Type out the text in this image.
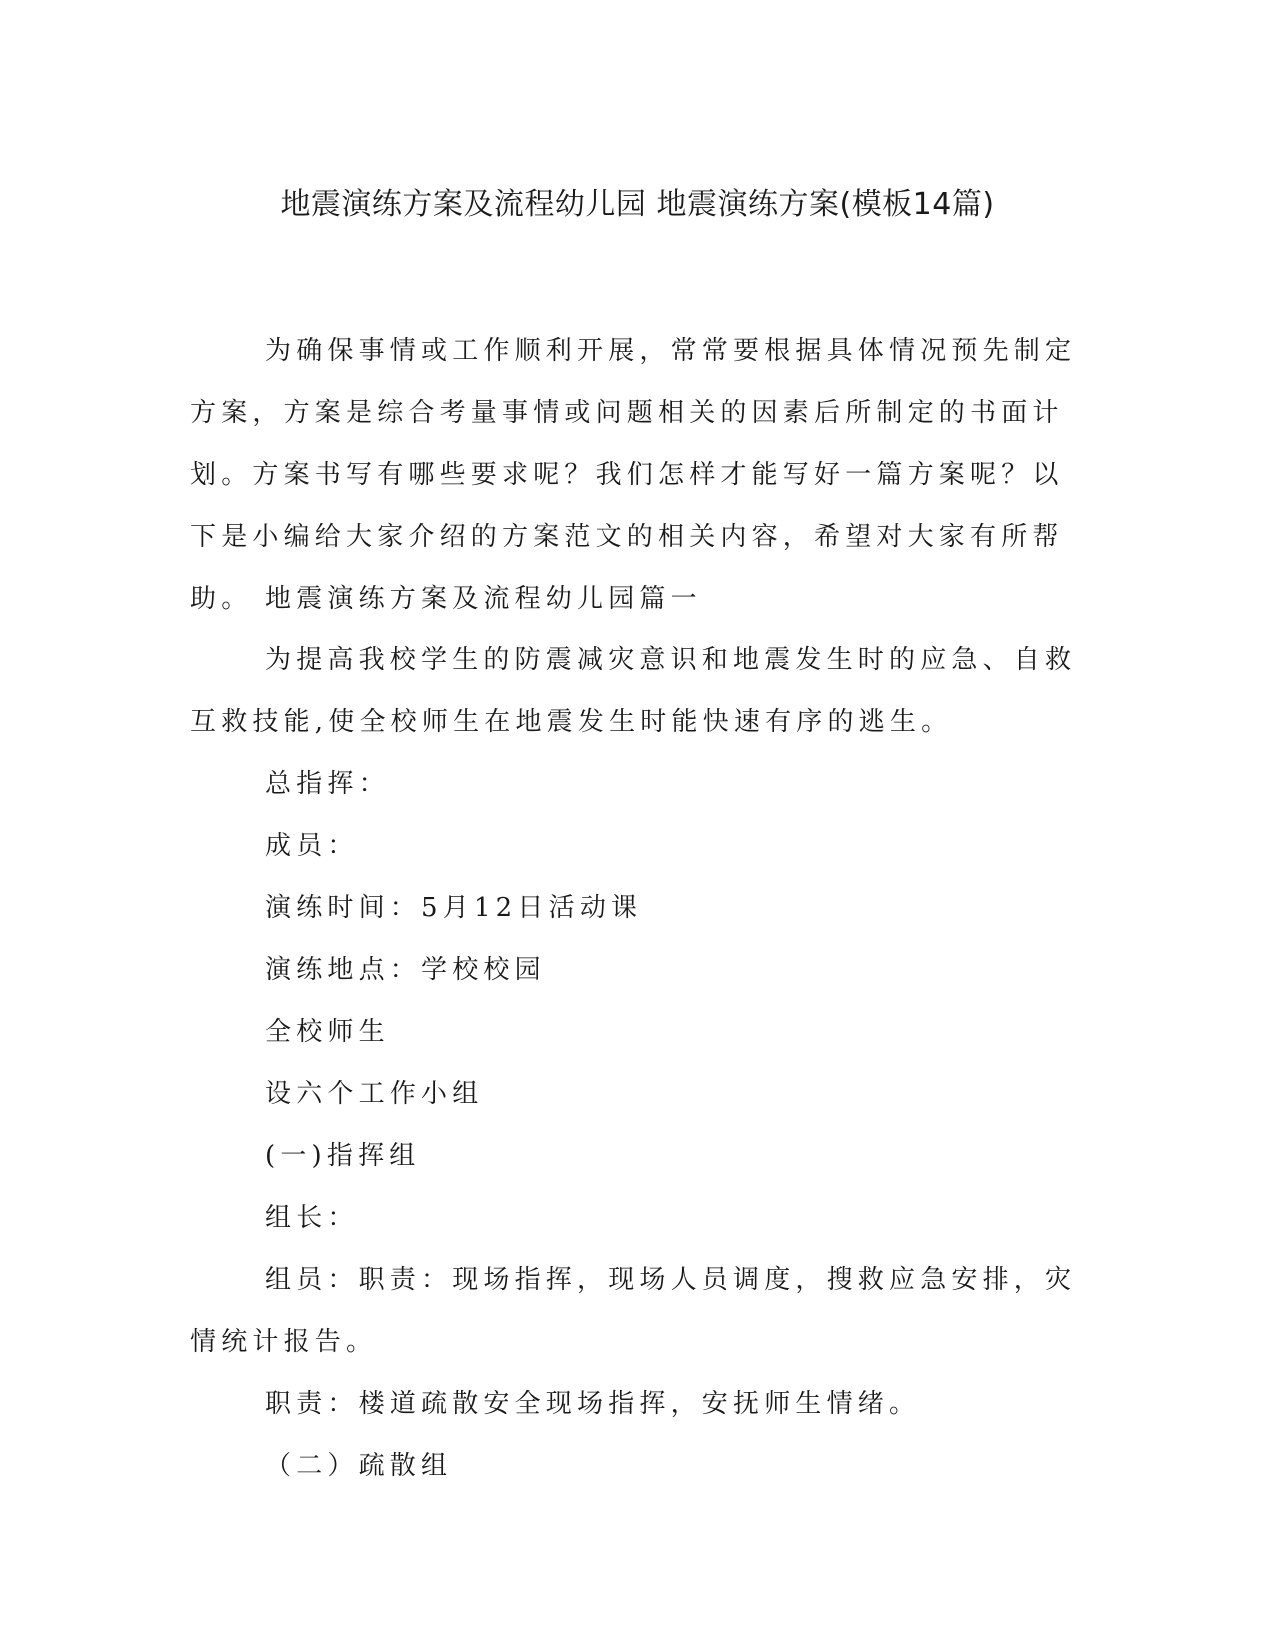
地震演练方案及流程幼儿园 地震演练方案(模板14篇)
为确保事情或工作顺利开展，常常要根据具体情况预先制定方案，方案是综合考量事情或问题相关的因素后所制定的书面计划。方案书写有哪些要求呢？我们怎样才能写好一篇方案呢？以下是小编给大家介绍的方案范文的相关内容，希望对大家有所帮助。 地震演练方案及流程幼儿园篇一
为提高我校学生的防震减灾意识和地震发生时的应急、自救互救技能,使全校师生在地震发生时能快速有序的逃生。
总指挥：
成员：
演练时间：5月12日活动课
演练地点：学校校园
全校师生
设六个工作小组
(一)指挥组
组长：
组员：职责：现场指挥，现场人员调度，搜救应急安排，灾情统计报告。
职责：楼道疏散安全现场指挥，安抚师生情绪。
（二）疏散组
